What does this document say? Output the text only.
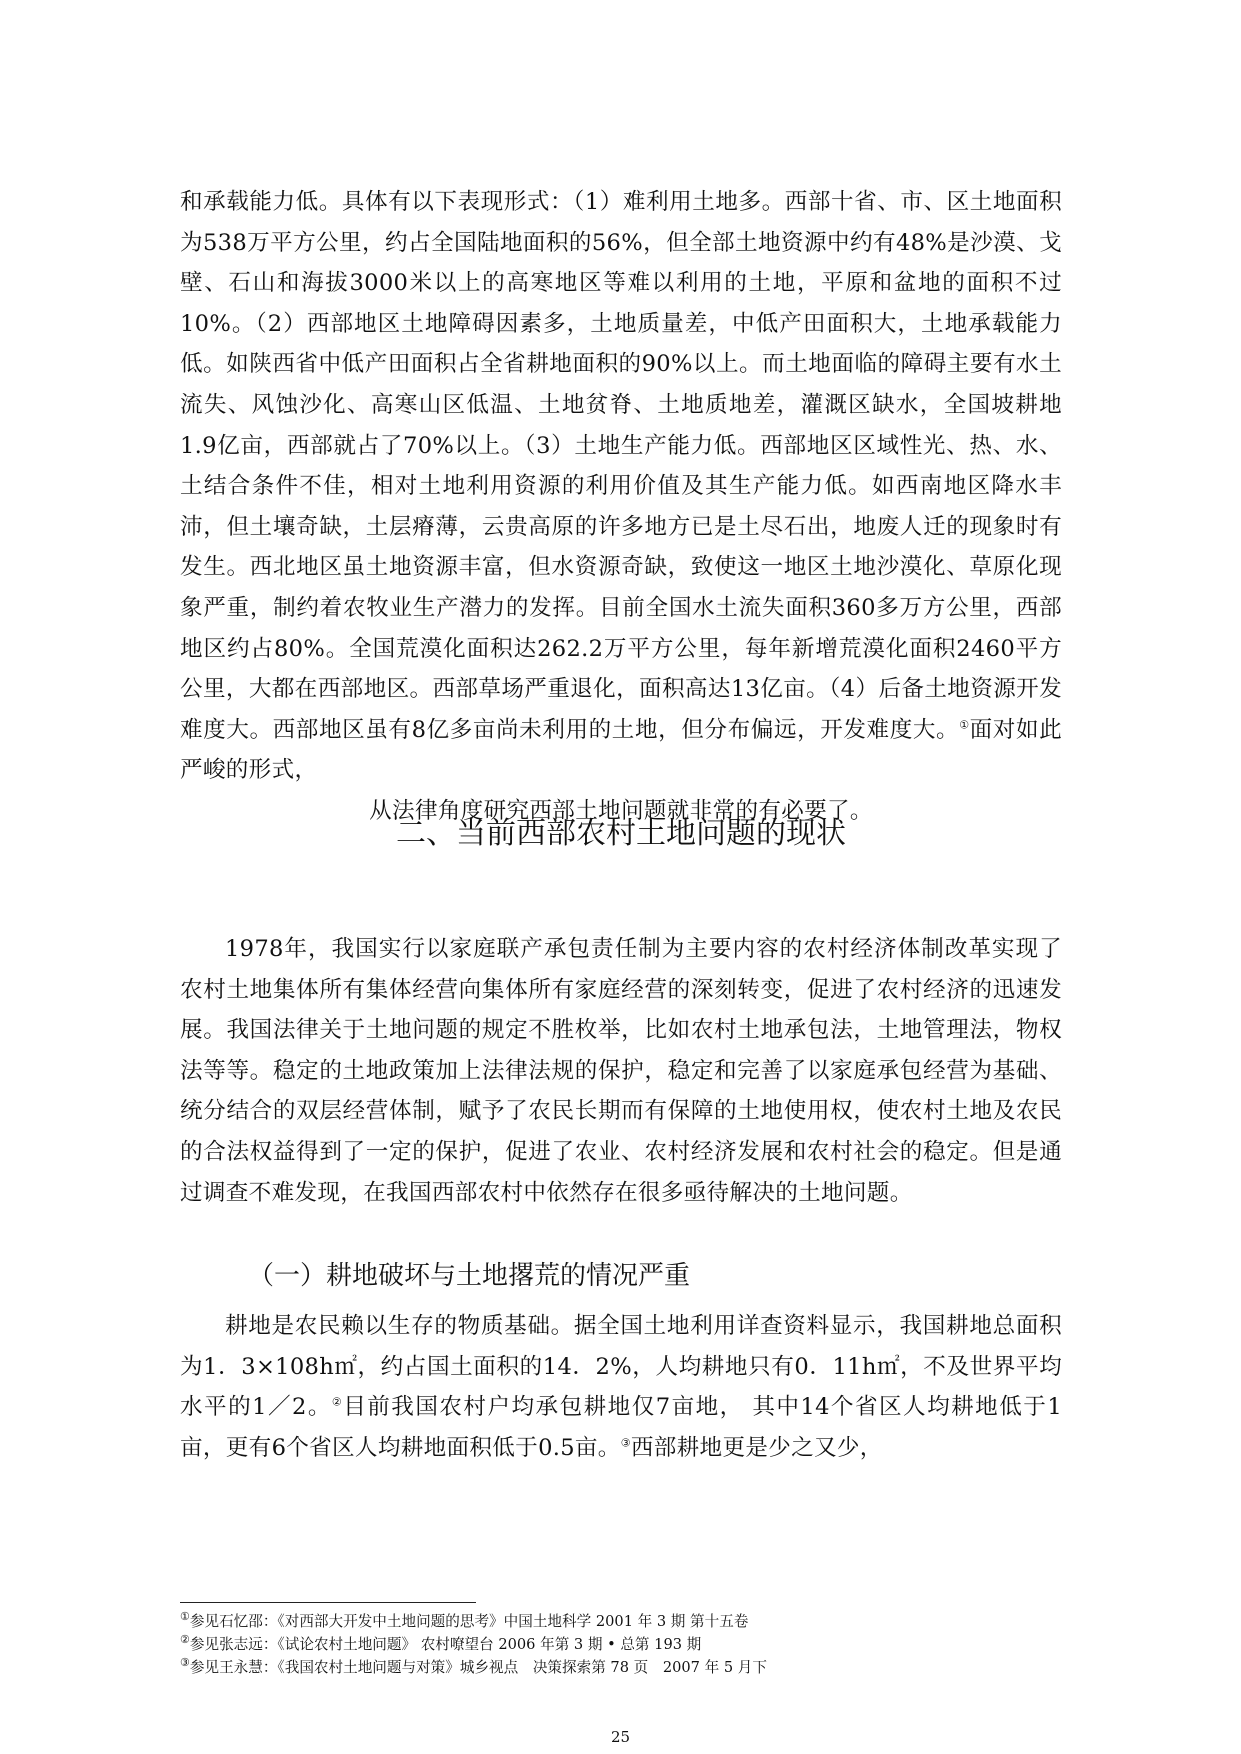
和承载能力低。具体有以下表现形式：（1）难利用土地多。西部十省、市、区土地面积为538万平方公里，约占全国陆地面积的56%，但全部土地资源中约有48%是沙漠、戈壁、石山和海拔3000米以上的高寒地区等难以利用的土地，平原和盆地的面积不过10%。（2）西部地区土地障碍因素多，土地质量差，中低产田面积大，土地承载能力低。如陕西省中低产田面积占全省耕地面积的90%以上。而土地面临的障碍主要有水土流失、风蚀沙化、高寒山区低温、土地贫脊、土地质地差，灌溉区缺水，全国坡耕地1.9亿亩，西部就占了70%以上。（3）土地生产能力低。西部地区区域性光、热、水、土结合条件不佳，相对土地利用资源的利用价值及其生产能力低。如西南地区降水丰沛，但土壤奇缺，土层瘠薄，云贵高原的许多地方已是土尽石出，地废人迁的现象时有发生。西北地区虽土地资源丰富，但水资源奇缺，致使这一地区土地沙漠化、草原化现象严重，制约着农牧业生产潜力的发挥。目前全国水土流失面积360多万方公里，西部地区约占80%。全国荒漠化面积达262.2万平方公里，每年新增荒漠化面积2460平方公里，大都在西部地区。西部草场严重退化，面积高达13亿亩。（4）后备土地资源开发难度大。西部地区虽有8亿多亩尚未利用的土地，但分布偏远，开发难度大。①面对如此严峻的形式，
从法律角度研究西部土地问题就非常的有必要了。
二、当前西部农村土地问题的现状
1978年，我国实行以家庭联产承包责任制为主要内容的农村经济体制改革实现了农村土地集体所有集体经营向集体所有家庭经营的深刻转变，促进了农村经济的迅速发展。我国法律关于土地问题的规定不胜枚举，比如农村土地承包法，土地管理法，物权法等等。稳定的土地政策加上法律法规的保护，稳定和完善了以家庭承包经营为基础、统分结合的双层经营体制，赋予了农民长期而有保障的土地使用权，使农村土地及农民的合法权益得到了一定的保护，促进了农业、农村经济发展和农村社会的稳定。但是通过调查不难发现，在我国西部农村中依然存在很多亟待解决的土地问题。
（一）耕地破坏与土地撂荒的情况严重
耕地是农民赖以生存的物质基础。据全国土地利用详查资料显示，我国耕地总面积为1．3×108h㎡，约占国土面积的14．2%，人均耕地只有0．11h㎡，不及世界平均水平的1／2。②目前我国农村户均承包耕地仅7亩地， 其中14个省区人均耕地低于1亩，更有6个省区人均耕地面积低于0.5亩。③西部耕地更是少之又少，
①参见石忆邵：《对西部大开发中土地问题的思考》中国土地科学 2001 年 3 期 第十五卷
②参见张志远：《试论农村土地问题》 农村嘹望台 2006 年第 3 期 • 总第 193 期
③参见王永慧：《我国农村土地问题与对策》城乡视点　决策探索第 78 页　2007 年 5 月下
25
